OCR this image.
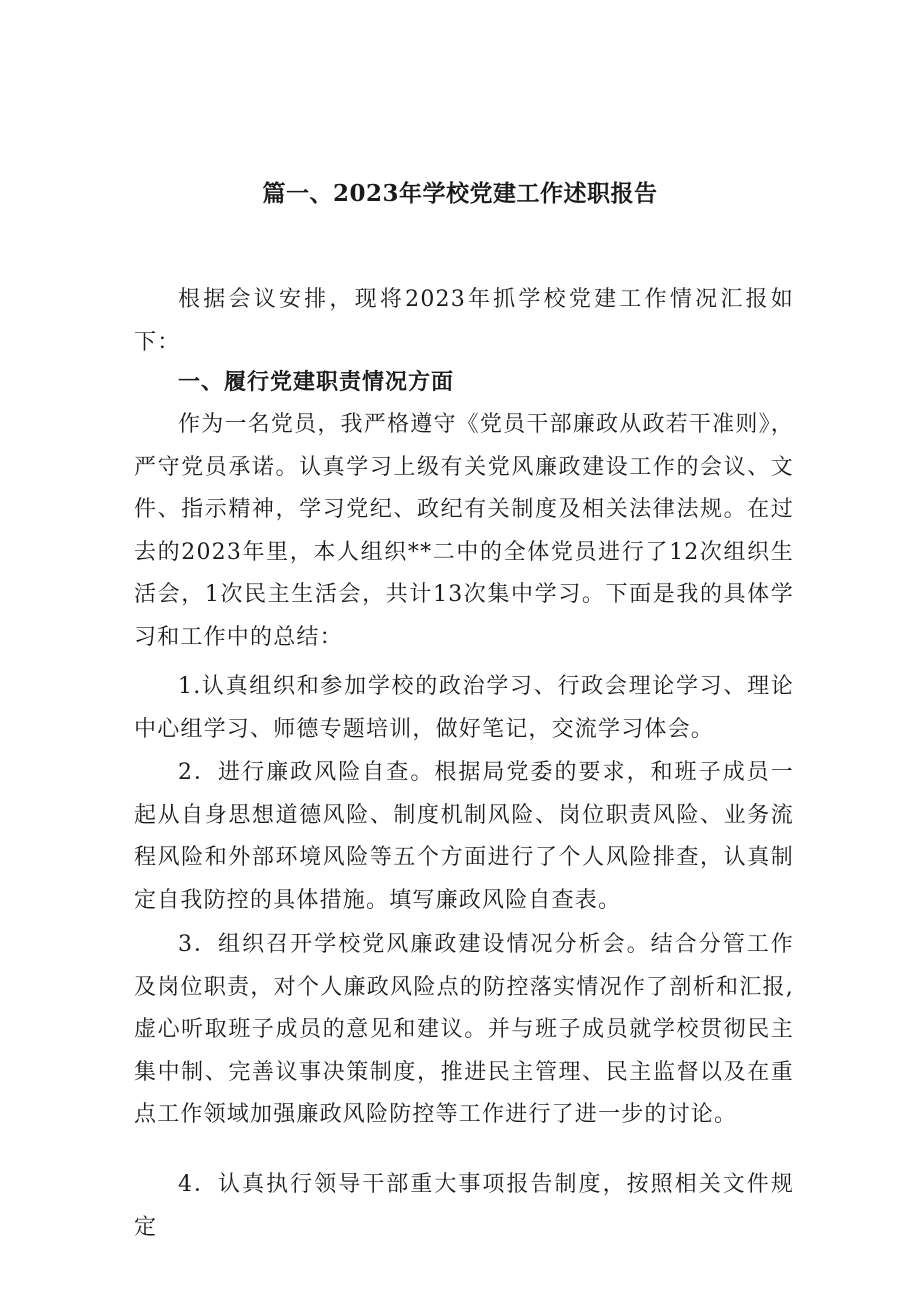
篇一、2023年学校党建工作述职报告

根据会议安排，现将2023年抓学校党建工作情况汇报如下：

一、履行党建职责情况方面

作为一名党员，我严格遵守《党员干部廉政从政若干准则》，严守党员承诺。认真学习上级有关党风廉政建设工作的会议、文件、指示精神，学习党纪、政纪有关制度及相关法律法规。在过去的2023年里，本人组织**二中的全体党员进行了12次组织生活会，1次民主生活会，共计13次集中学习。下面是我的具体学习和工作中的总结：

1.认真组织和参加学校的政治学习、行政会理论学习、理论中心组学习、师德专题培训，做好笔记，交流学习体会。

2．进行廉政风险自查。根据局党委的要求，和班子成员一起从自身思想道德风险、制度机制风险、岗位职责风险、业务流程风险和外部环境风险等五个方面进行了个人风险排查，认真制定自我防控的具体措施。填写廉政风险自查表。

3．组织召开学校党风廉政建设情况分析会。结合分管工作及岗位职责，对个人廉政风险点的防控落实情况作了剖析和汇报,虚心听取班子成员的意见和建议。并与班子成员就学校贯彻民主集中制、完善议事决策制度，推进民主管理、民主监督以及在重点工作领域加强廉政风险防控等工作进行了进一步的讨论。

4．认真执行领导干部重大事项报告制度，按照相关文件规定
